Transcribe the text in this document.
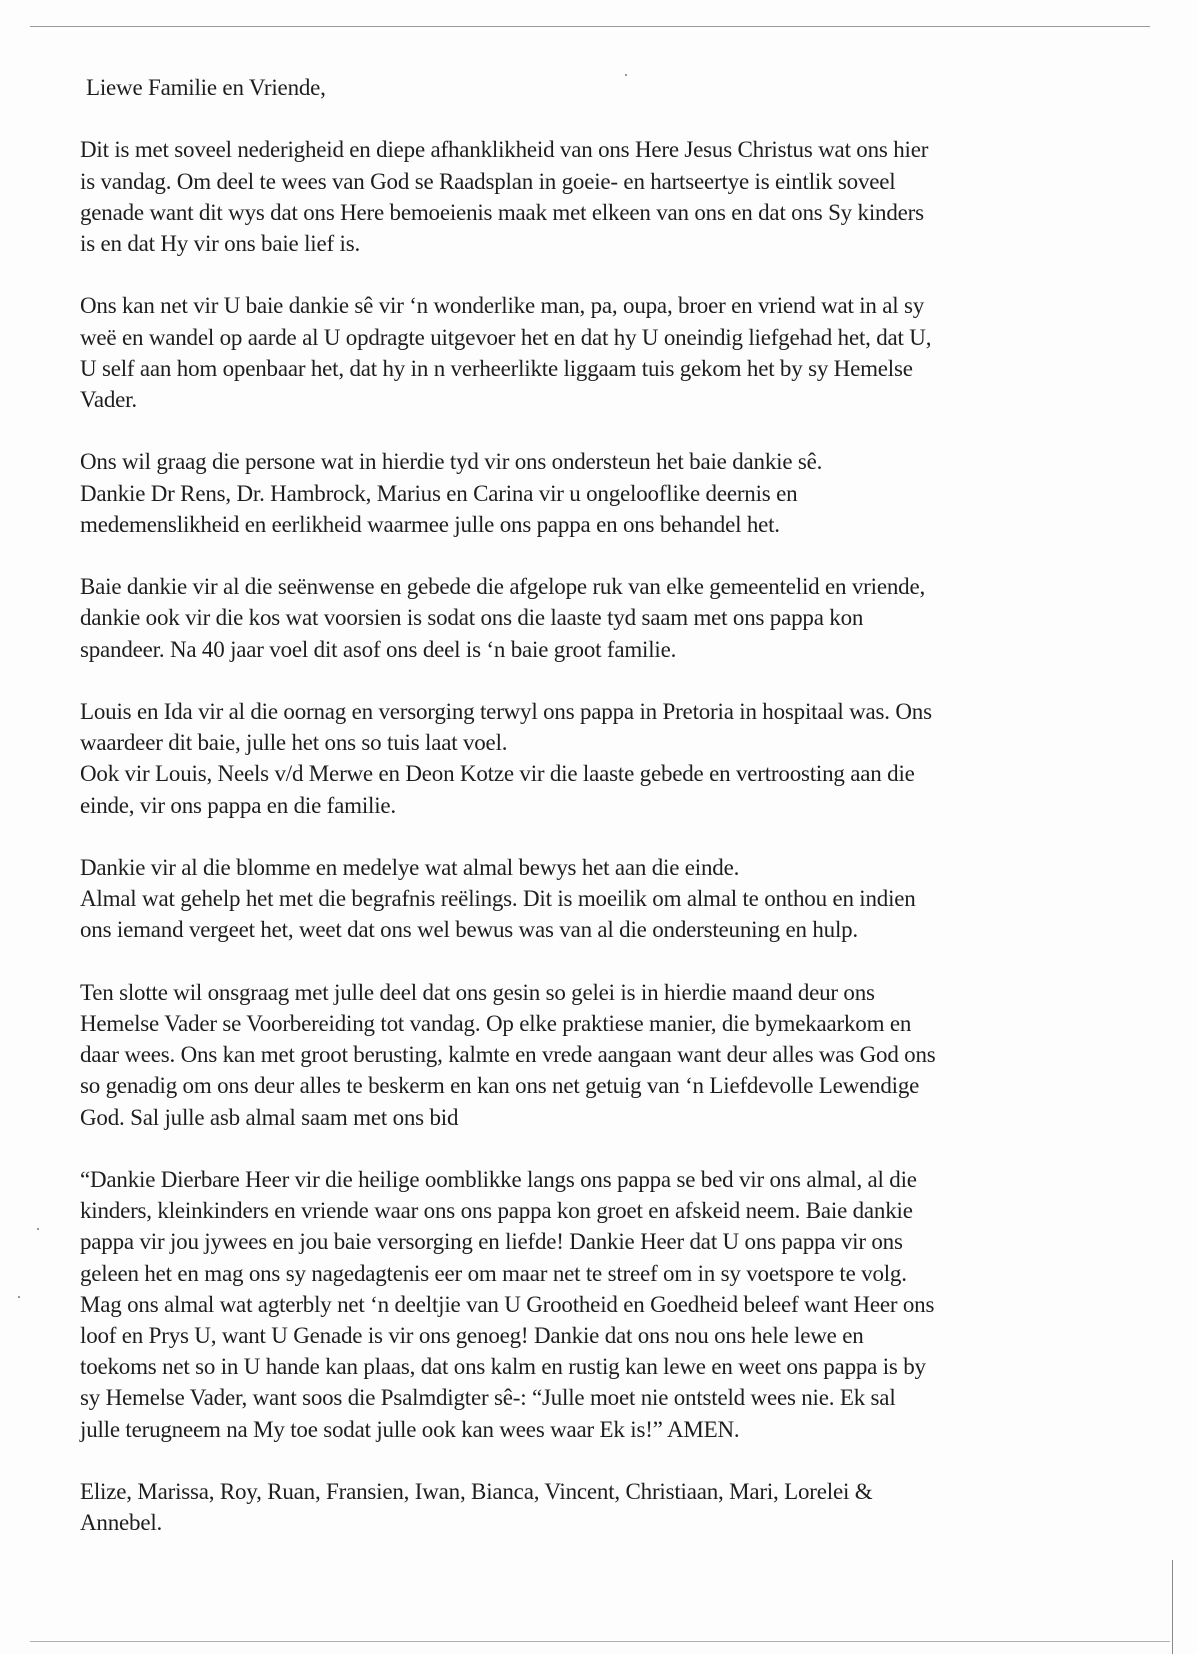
Liewe Familie en Vriende,

Dit is met soveel nederigheid en diepe afhanklikheid van ons Here Jesus Christus wat ons hier
is vandag. Om deel te wees van God se Raadsplan in goeie- en hartseertye is eintlik soveel
genade want dit wys dat ons Here bemoeienis maak met elkeen van ons en dat ons Sy kinders
is en dat Hy vir ons baie lief is.

Ons kan net vir U baie dankie sê vir ‘n wonderlike man, pa, oupa, broer en vriend wat in al sy
weë en wandel op aarde al U opdragte uitgevoer het en dat hy U oneindig liefgehad het, dat U,
U self aan hom openbaar het, dat hy in n verheerlikte liggaam tuis gekom het by sy Hemelse
Vader.

Ons wil graag die persone wat in hierdie tyd vir ons ondersteun het baie dankie sê.
Dankie Dr Rens, Dr. Hambrock, Marius en Carina vir u ongelooflike deernis en
medemenslikheid en eerlikheid waarmee julle ons pappa en ons behandel het.

Baie dankie vir al die seënwense en gebede die afgelope ruk van elke gemeentelid en vriende,
dankie ook vir die kos wat voorsien is sodat ons die laaste tyd saam met ons pappa kon
spandeer. Na 40 jaar voel dit asof ons deel is ‘n baie groot familie.

Louis en Ida vir al die oornag en versorging terwyl ons pappa in Pretoria in hospitaal was. Ons
waardeer dit baie, julle het ons so tuis laat voel.
Ook vir Louis, Neels v/d Merwe en Deon Kotze vir die laaste gebede en vertroosting aan die
einde, vir ons pappa en die familie.

Dankie vir al die blomme en medelye wat almal bewys het aan die einde.
Almal wat gehelp het met die begrafnis reëlings. Dit is moeilik om almal te onthou en indien
ons iemand vergeet het, weet dat ons wel bewus was van al die ondersteuning en hulp.

Ten slotte wil onsgraag met julle deel dat ons gesin so gelei is in hierdie maand deur ons
Hemelse Vader se Voorbereiding tot vandag. Op elke praktiese manier, die bymekaarkom en
daar wees. Ons kan met groot berusting, kalmte en vrede aangaan want deur alles was God ons
so genadig om ons deur alles te beskerm en kan ons net getuig van ‘n Liefdevolle Lewendige
God. Sal julle asb almal saam met ons bid

“Dankie Dierbare Heer vir die heilige oomblikke langs ons pappa se bed vir ons almal, al die
kinders, kleinkinders en vriende waar ons ons pappa kon groet en afskeid neem. Baie dankie
pappa vir jou jywees en jou baie versorging en liefde! Dankie Heer dat U ons pappa vir ons
geleen het en mag ons sy nagedagtenis eer om maar net te streef om in sy voetspore te volg.
Mag ons almal wat agterbly net ‘n deeltjie van U Grootheid en Goedheid beleef want Heer ons
loof en Prys U, want U Genade is vir ons genoeg! Dankie dat ons nou ons hele lewe en
toekoms net so in U hande kan plaas, dat ons kalm en rustig kan lewe en weet ons pappa is by
sy Hemelse Vader, want soos die Psalmdigter sê-: “Julle moet nie ontsteld wees nie. Ek sal
julle terugneem na My toe sodat julle ook kan wees waar Ek is!” AMEN.

Elize, Marissa, Roy, Ruan, Fransien, Iwan, Bianca, Vincent, Christiaan, Mari, Lorelei &
Annebel.
